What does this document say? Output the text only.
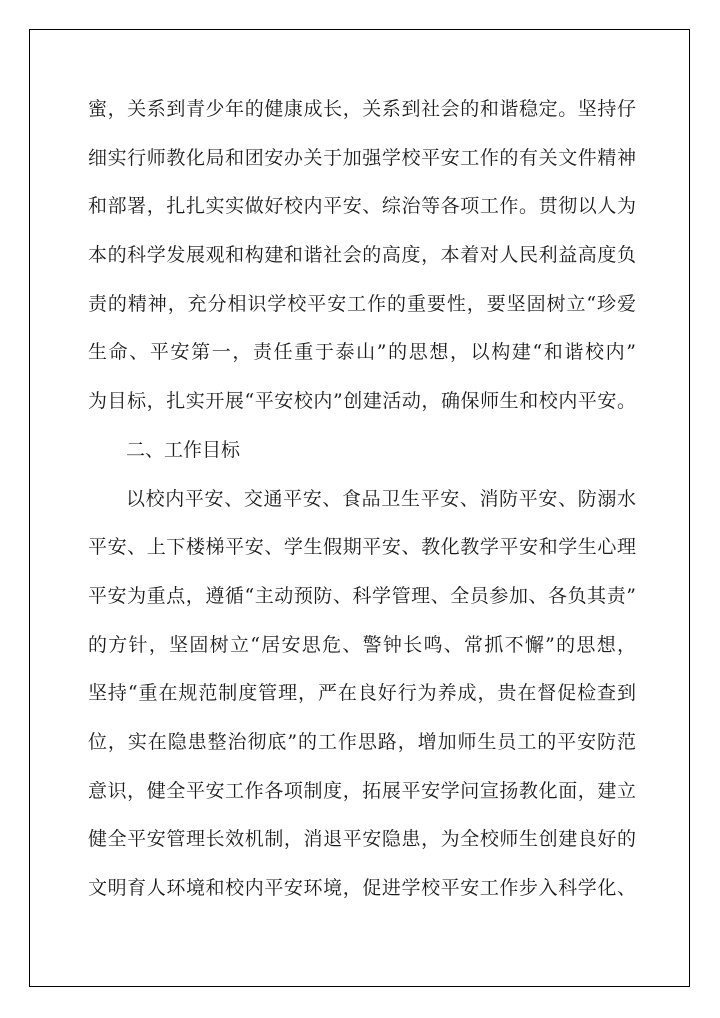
蜜，关系到青少年的健康成长，关系到社会的和谐稳定。坚持仔
细实行师教化局和团安办关于加强学校平安工作的有关文件精神
和部署，扎扎实实做好校内平安、综治等各项工作。贯彻以人为
本的科学发展观和构建和谐社会的高度，本着对人民利益高度负
责的精神，充分相识学校平安工作的重要性，要坚固树立“珍爱
生命、平安第一，责任重于泰山”的思想，以构建“和谐校内”
为目标，扎实开展“平安校内”创建活动，确保师生和校内平安。
二、工作目标
以校内平安、交通平安、食品卫生平安、消防平安、防溺水
平安、上下楼梯平安、学生假期平安、教化教学平安和学生心理
平安为重点，遵循“主动预防、科学管理、全员参加、各负其责”
的方针，坚固树立“居安思危、警钟长鸣、常抓不懈”的思想，
坚持“重在规范制度管理，严在良好行为养成，贵在督促检查到
位，实在隐患整治彻底”的工作思路，增加师生员工的平安防范
意识，健全平安工作各项制度，拓展平安学问宣扬教化面，建立
健全平安管理长效机制，消退平安隐患，为全校师生创建良好的
文明育人环境和校内平安环境，促进学校平安工作步入科学化、
